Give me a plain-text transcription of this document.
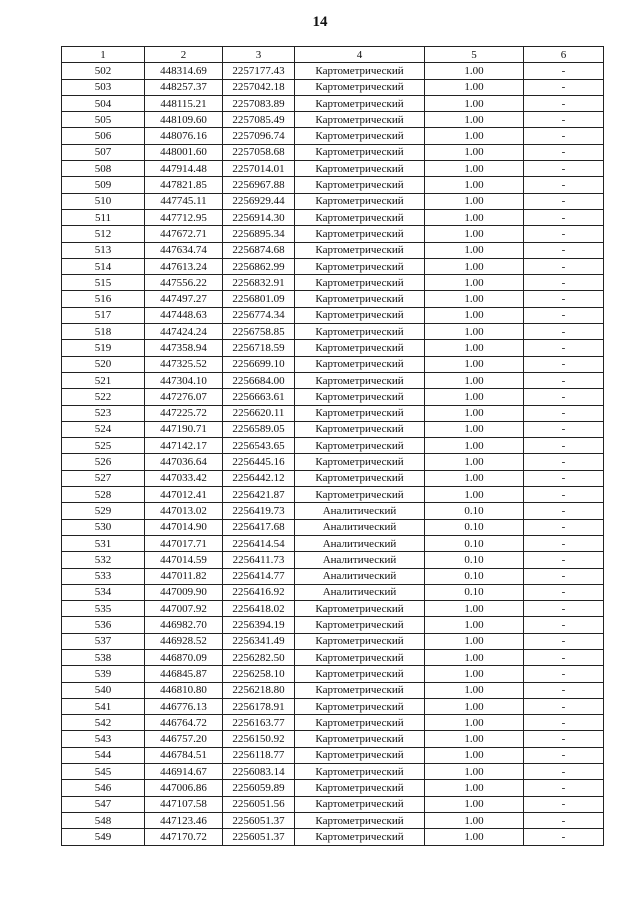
14
1	2	3	4	5	6
502	448314.69	2257177.43	Картометрический	1.00	-
503	448257.37	2257042.18	Картометрический	1.00	-
504	448115.21	2257083.89	Картометрический	1.00	-
505	448109.60	2257085.49	Картометрический	1.00	-
506	448076.16	2257096.74	Картометрический	1.00	-
507	448001.60	2257058.68	Картометрический	1.00	-
508	447914.48	2257014.01	Картометрический	1.00	-
509	447821.85	2256967.88	Картометрический	1.00	-
510	447745.11	2256929.44	Картометрический	1.00	-
511	447712.95	2256914.30	Картометрический	1.00	-
512	447672.71	2256895.34	Картометрический	1.00	-
513	447634.74	2256874.68	Картометрический	1.00	-
514	447613.24	2256862.99	Картометрический	1.00	-
515	447556.22	2256832.91	Картометрический	1.00	-
516	447497.27	2256801.09	Картометрический	1.00	-
517	447448.63	2256774.34	Картометрический	1.00	-
518	447424.24	2256758.85	Картометрический	1.00	-
519	447358.94	2256718.59	Картометрический	1.00	-
520	447325.52	2256699.10	Картометрический	1.00	-
521	447304.10	2256684.00	Картометрический	1.00	-
522	447276.07	2256663.61	Картометрический	1.00	-
523	447225.72	2256620.11	Картометрический	1.00	-
524	447190.71	2256589.05	Картометрический	1.00	-
525	447142.17	2256543.65	Картометрический	1.00	-
526	447036.64	2256445.16	Картометрический	1.00	-
527	447033.42	2256442.12	Картометрический	1.00	-
528	447012.41	2256421.87	Картометрический	1.00	-
529	447013.02	2256419.73	Аналитический	0.10	-
530	447014.90	2256417.68	Аналитический	0.10	-
531	447017.71	2256414.54	Аналитический	0.10	-
532	447014.59	2256411.73	Аналитический	0.10	-
533	447011.82	2256414.77	Аналитический	0.10	-
534	447009.90	2256416.92	Аналитический	0.10	-
535	447007.92	2256418.02	Картометрический	1.00	-
536	446982.70	2256394.19	Картометрический	1.00	-
537	446928.52	2256341.49	Картометрический	1.00	-
538	446870.09	2256282.50	Картометрический	1.00	-
539	446845.87	2256258.10	Картометрический	1.00	-
540	446810.80	2256218.80	Картометрический	1.00	-
541	446776.13	2256178.91	Картометрический	1.00	-
542	446764.72	2256163.77	Картометрический	1.00	-
543	446757.20	2256150.92	Картометрический	1.00	-
544	446784.51	2256118.77	Картометрический	1.00	-
545	446914.67	2256083.14	Картометрический	1.00	-
546	447006.86	2256059.89	Картометрический	1.00	-
547	447107.58	2256051.56	Картометрический	1.00	-
548	447123.46	2256051.37	Картометрический	1.00	-
549	447170.72	2256051.37	Картометрический	1.00	-
